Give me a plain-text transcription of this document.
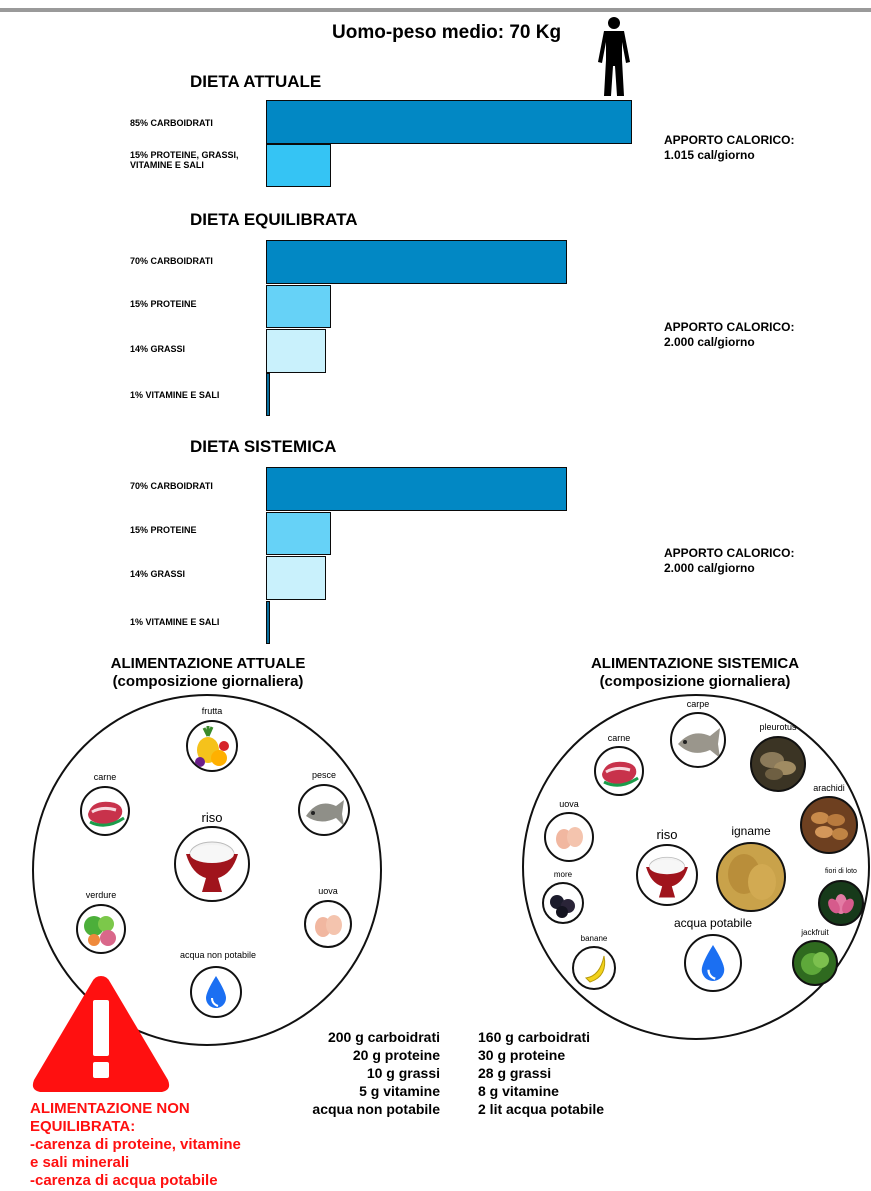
Uomo-peso medio: 70 Kg
DIETA ATTUALE
DIETA EQUILIBRATA
DIETA SISTEMICA
85% CARBOIDRATI
15% PROTEINE, GRASSI, VITAMINE E SALI
70% CARBOIDRATI
15% PROTEINE
14% GRASSI
1% VITAMINE E SALI
70% CARBOIDRATI
15% PROTEINE
14% GRASSI
1% VITAMINE E SALI
APPORTO CALORICO:
1.015 cal/giorno
APPORTO CALORICO:
2.000 cal/giorno
APPORTO CALORICO:
2.000 cal/giorno
ALIMENTAZIONE ATTUALE
(composizione giornaliera)
ALIMENTAZIONE SISTEMICA
(composizione giornaliera)
frutta
carne	pesce
riso
verdure	uova
acqua non potabile
carpe
carne
pleurotus
uova
arachidi
riso	igname
more	fiori di loto
banane
acqua potabile
jackfruit
200 g carboidrati
20 g proteine
10 g grassi
5 g vitamine
acqua non potabile
160 g carboidrati
30 g proteine
28 g grassi
8 g vitamine
2 lit acqua potabile
ALIMENTAZIONE NON
EQUILIBRATA:
-carenza di proteine, vitamine
e sali minerali
-carenza di acqua potabile
